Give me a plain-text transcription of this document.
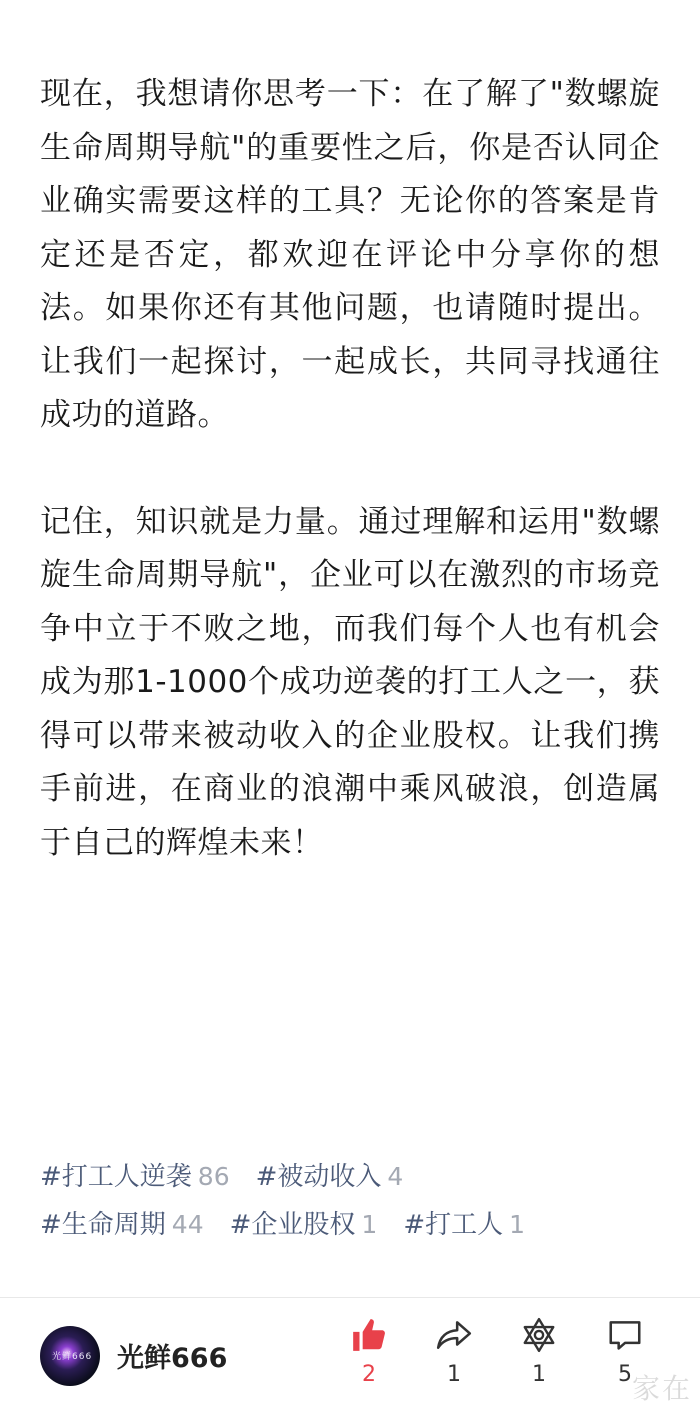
现在，我想请你思考一下：在了解了"数螺旋生命周期导航"的重要性之后，你是否认同企业确实需要这样的工具？无论你的答案是肯定还是否定，都欢迎在评论中分享你的想法。如果你还有其他问题，也请随时提出。让我们一起探讨，一起成长，共同寻找通往成功的道路。

记住，知识就是力量。通过理解和运用"数螺旋生命周期导航"，企业可以在激烈的市场竞争中立于不败之地，而我们每个人也有机会成为那1-1000个成功逆袭的打工人之一，获得可以带来被动收入的企业股权。让我们携手前进，在商业的浪潮中乘风破浪，创造属于自己的辉煌未来！

#打工人逆袭 86 #被动收入 4
#生命周期 44 #企业股权 1 #打工人 1
光鲜666 光鲜666
2	1	1	5 家在
